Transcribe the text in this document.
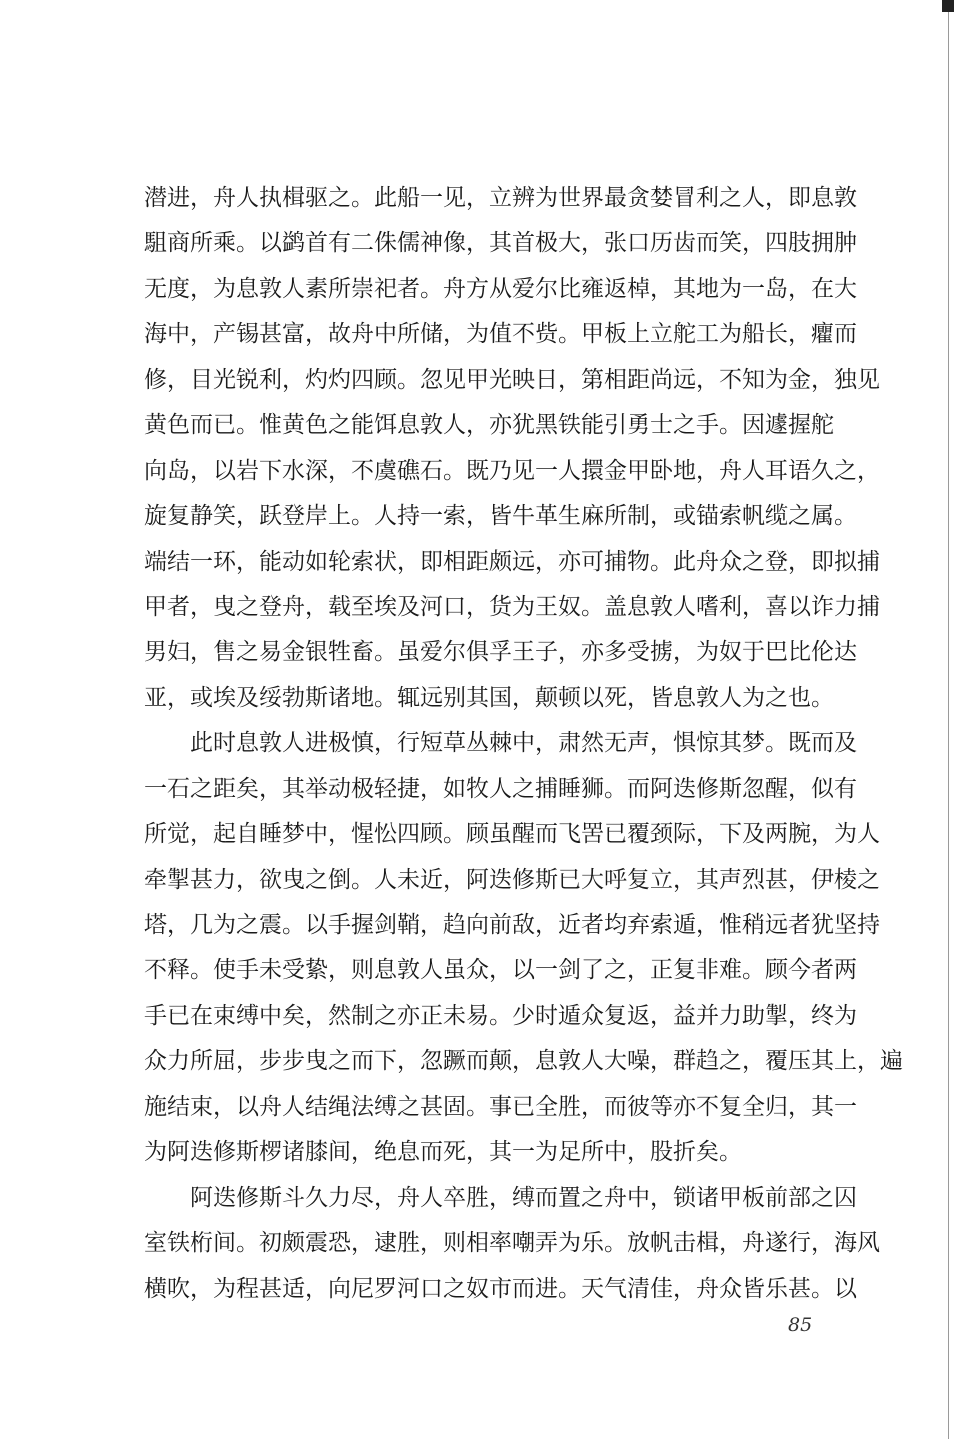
潜进，舟人执楫驱之。此船一见，立辨为世界最贪婪冒利之人，即息敦
駔商所乘。以鹢首有二侏儒神像，其首极大，张口历齿而笑，四肢拥肿
无度，为息敦人素所崇祀者。舟方从爱尔比雍返棹，其地为一岛，在大
海中，产锡甚富，故舟中所储，为值不赀。甲板上立舵工为船长，癯而
修，目光锐利，灼灼四顾。忽见甲光映日，第相距尚远，不知为金，独见
黄色而已。惟黄色之能饵息敦人，亦犹黑铁能引勇士之手。因遽握舵
向岛，以岩下水深，不虞礁石。既乃见一人擐金甲卧地，舟人耳语久之，
旋复静笑，跃登岸上。人持一索，皆牛革生麻所制，或锚索帆缆之属。
端结一环，能动如轮索状，即相距颇远，亦可捕物。此舟众之登，即拟捕
甲者，曳之登舟，载至埃及河口，货为王奴。盖息敦人嗜利，喜以诈力捕
男妇，售之易金银牲畜。虽爱尔俱孚王子，亦多受掳，为奴于巴比伦达
亚，或埃及绥勃斯诸地。辄远别其国，颠顿以死，皆息敦人为之也。
此时息敦人进极慎，行短草丛棘中，肃然无声，惧惊其梦。既而及
一石之距矣，其举动极轻捷，如牧人之捕睡狮。而阿迭修斯忽醒，似有
所觉，起自睡梦中，惺忪四顾。顾虽醒而飞罟已覆颈际，下及两腕，为人
牵掣甚力，欲曳之倒。人未近，阿迭修斯已大呼复立，其声烈甚，伊棱之
塔，几为之震。以手握剑鞘，趋向前敌，近者均弃索遁，惟稍远者犹坚持
不释。使手未受絷，则息敦人虽众，以一剑了之，正复非难。顾今者两
手已在束缚中矣，然制之亦正未易。少时遁众复返，益并力助掣，终为
众力所屈，步步曳之而下，忽蹶而颠，息敦人大噪，群趋之，覆压其上，遍
施结束，以舟人结绳法缚之甚固。事已全胜，而彼等亦不复全归，其一
为阿迭修斯椤诸膝间，绝息而死，其一为足所中，股折矣。
阿迭修斯斗久力尽，舟人卒胜，缚而置之舟中，锁诸甲板前部之囚
室铁桁间。初颇震恐，逮胜，则相率嘲弄为乐。放帆击楫，舟遂行，海风
横吹，为程甚适，向尼罗河口之奴市而进。天气清佳，舟众皆乐甚。以
85
